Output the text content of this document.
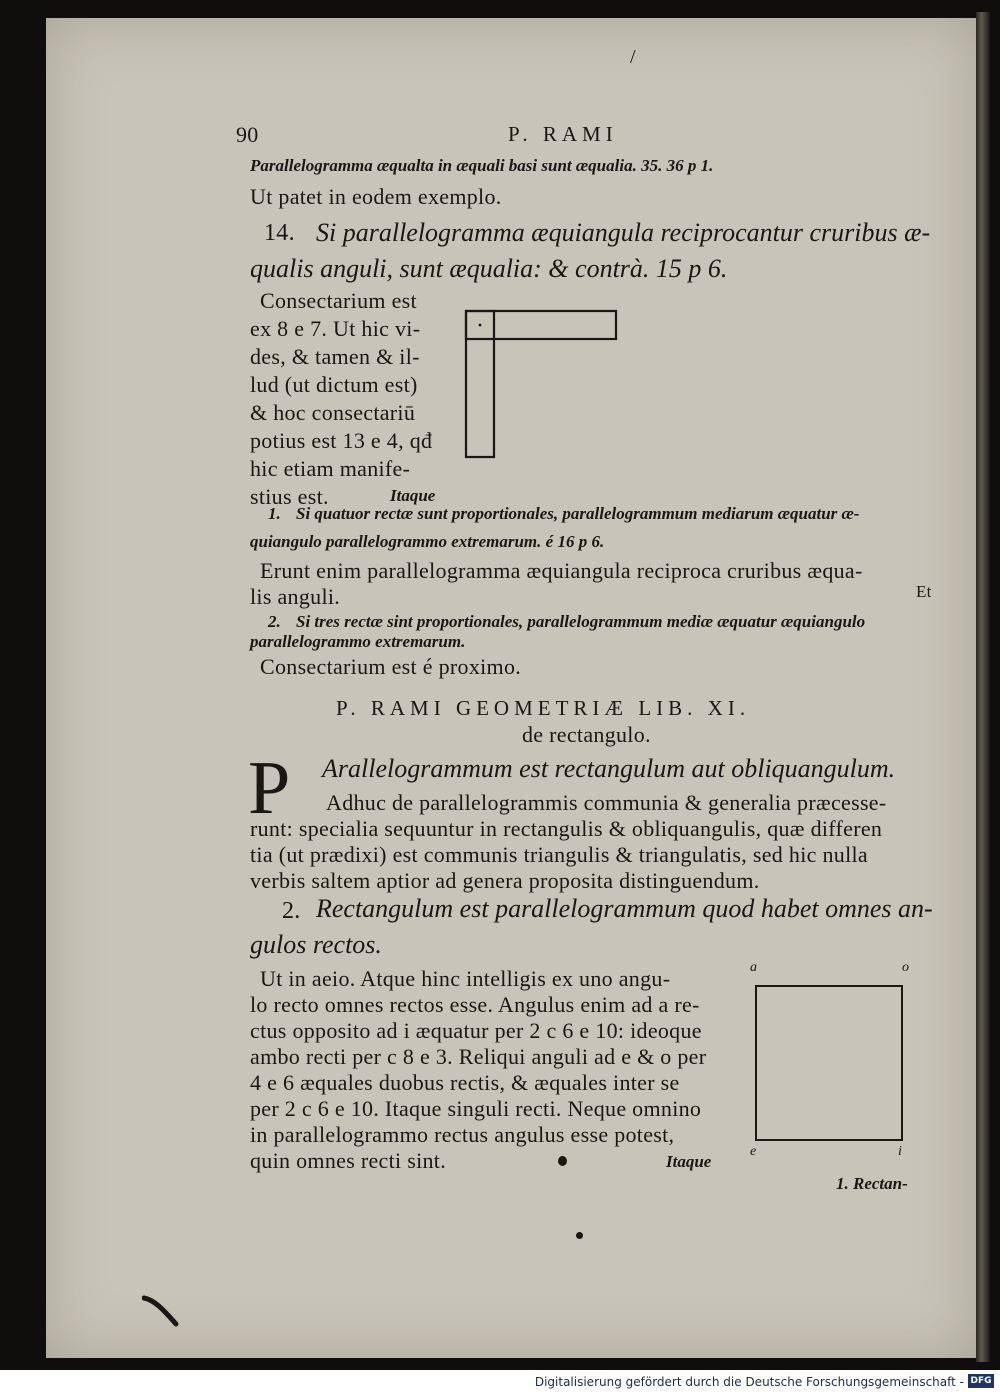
/
90	P. RAMI
Parallelogramma æqualta in æquali basi sunt æqualia. 35. 36 p 1.
Ut patet in eodem exemplo.
14. Si parallelogramma æquiangula reciprocantur cruribus æ-
qualis anguli, sunt æqualia: & contrà. 15 p 6.
Consectarium est
ex 8 e 7. Ut hic vi-
des, & tamen & il-
lud (ut dictum est)
& hoc consectariū
potius est 13 e 4, qđ
hic etiam manife-
stius est.	Itaque
1. Si quatuor rectæ sunt proportionales, parallelogrammum mediarum æquatur æ-
quiangulo parallelogrammo extremarum. é 16 p 6.
Erunt enim parallelogramma æquiangula reciproca cruribus æqua-
lis anguli.	Et
2. Si tres rectæ sint proportionales, parallelogrammum mediæ æquatur æquiangulo
parallelogrammo extremarum.
Consectarium est é proximo.
P. RAMI GEOMETRIÆ LIB. XI.
de rectangulo.
Arallelogrammum est rectangulum aut obliquangulum.
Adhuc de parallelogrammis communia & generalia præcesse-
runt: specialia sequuntur in rectangulis & obliquangulis, quæ differen
tia (ut prædixi) est communis triangulis & triangulatis, sed hic nulla
verbis saltem aptior ad genera proposita distinguendum.
2. Rectangulum est parallelogrammum quod habet omnes an-
gulos rectos.
Ut in aeio. Atque hinc intelligis ex uno angu-
lo recto omnes rectos esse. Angulus enim ad a re-
ctus opposito ad i æquatur per 2 c 6 e 10: ideoque
ambo recti per c 8 e 3. Reliqui anguli ad e & o per
4 e 6 æquales duobus rectis, & æquales inter se
per 2 c 6 e 10. Itaque singuli recti. Neque omnino
in parallelogrammo rectus angulus esse potest,
quin omnes recti sint.	Itaque
a	o
e	i
1. Rectan-
P
Digitalisierung gefördert durch die Deutsche Forschungsgemeinschaft - DFG
